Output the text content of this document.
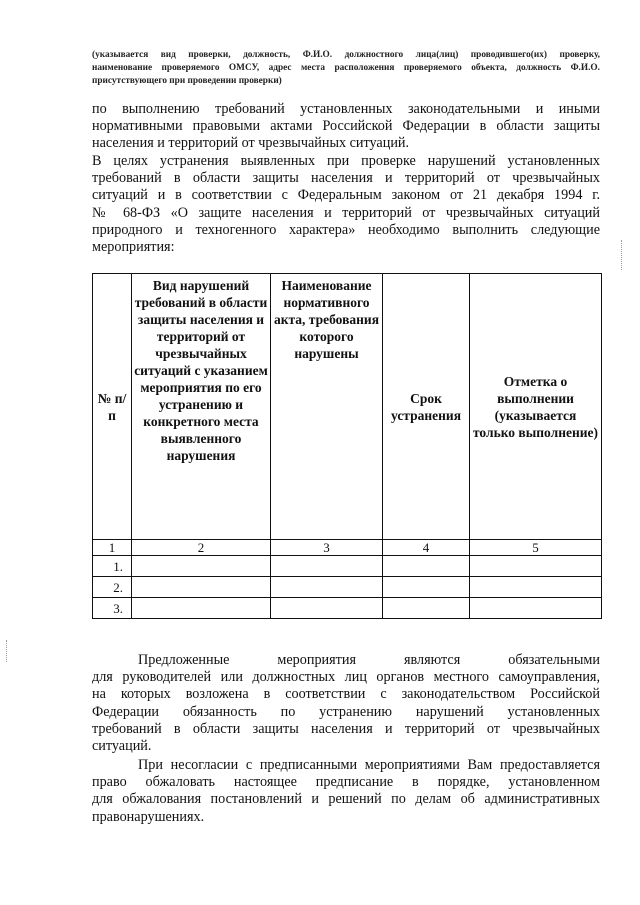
(указывается вид проверки, должность, Ф.И.О. должностного лица(лиц) проводившего(их) проверку,
наименование проверяемого ОМСУ, адрес места расположения проверяемого объекта, должность Ф.И.О.
присутствующего при проведении проверки)
по выполнению требований установленных законодательными и иными
нормативными правовыми актами Российской Федерации в области защиты
населения и территорий от чрезвычайных ситуаций.
В целях устранения выявленных при проверке нарушений установленных
требований в области защиты населения и территорий от чрезвычайных
ситуаций и в соответствии с Федеральным законом от 21 декабря 1994 г.
№ 68-ФЗ «О защите населения и территорий от чрезвычайных ситуаций
природного и техногенного характера» необходимо выполнить следующие
мероприятия:
№ п/п	Вид нарушений требований в области защиты населения и территорий от чрезвычайных ситуаций с указанием мероприятия по его устранению и конкретного места выявленного нарушения	Наименование нормативного акта, требования которого нарушены	Срок устранения	Отметка о выполнении (указывается только выполнение)
1	2	3	4	5
1.				
2.				
3.				
Предложенные мероприятия являются обязательными
для руководителей или должностных лиц органов местного самоуправления,
на которых возложена в соответствии с законодательством Российской
Федерации обязанность по устранению нарушений установленных
требований в области защиты населения и территорий от чрезвычайных
ситуаций.
При несогласии с предписанными мероприятиями Вам предоставляется
право обжаловать настоящее предписание в порядке, установленном
для обжалования постановлений и решений по делам об административных
правонарушениях.
